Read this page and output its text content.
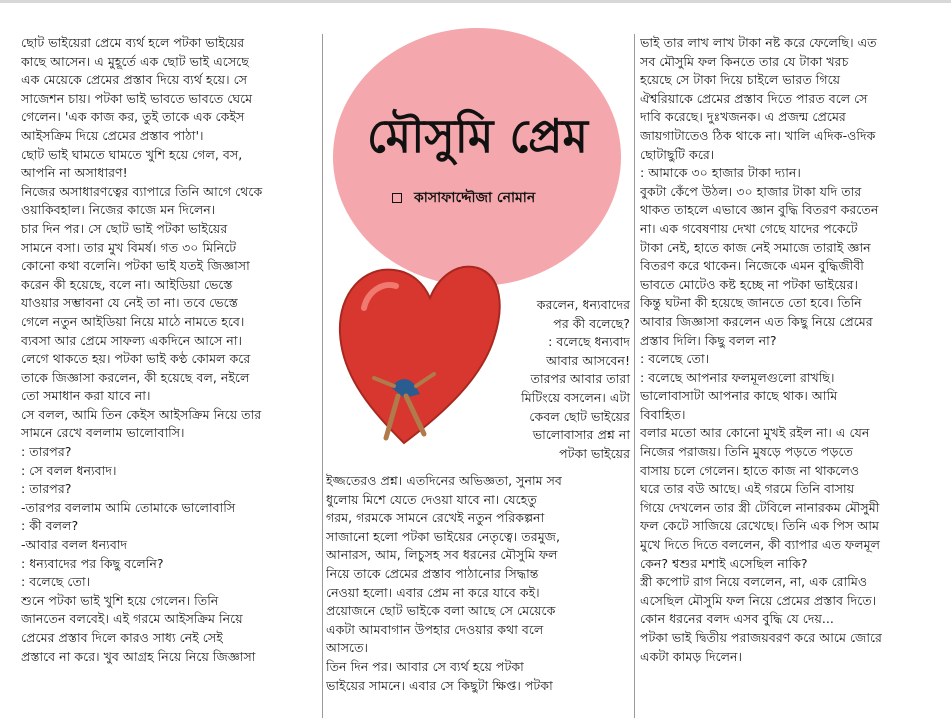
ছোট ভাইয়েরা প্রেমে ব্যর্থ হলে পটকা ভাইয়ের
কাছে আসেন। এ মুহূর্তে এক ছোট ভাই এসেছে
এক মেয়েকে প্রেমের প্রস্তাব দিয়ে ব্যর্থ হয়ে। সে
সাজেশন চায়। পটকা ভাই ভাবতে ভাবতে ঘেমে
গেলেন। 'এক কাজ কর, তুই তাকে এক কেইস
আইসক্রিম দিয়ে প্রেমের প্রস্তাব পাঠা'।
ছোট ভাই ঘামতে ঘামতে খুশি হয়ে গেল, বস,
আপনি না অসাধারণ!
নিজের অসাধারণত্বের ব্যাপারে তিনি আগে থেকে
ওয়াকিবহাল। নিজের কাজে মন দিলেন।
চার দিন পর। সে ছোট ভাই পটকা ভাইয়ের
সামনে বসা। তার মুখ বিমর্ষ। গত ৩০ মিনিটে
কোনো কথা বলেনি। পটকা ভাই যতই জিজ্ঞাসা
করেন কী হয়েছে, বলে না। আইডিয়া ভেস্তে
যাওয়ার সম্ভাবনা যে নেই তা না। তবে ভেস্তে
গেলে নতুন আইডিয়া নিয়ে মাঠে নামতে হবে।
ব্যবসা আর প্রেমে সাফল্য একদিনে আসে না।
লেগে থাকতে হয়। পটকা ভাই কণ্ঠ কোমল করে
তাকে জিজ্ঞাসা করলেন, কী হয়েছে বল, নইলে
তো সমাধান করা যাবে না।
সে বলল, আমি তিন কেইস আইসক্রিম নিয়ে তার
সামনে রেখে বললাম ভালোবাসি।
: তারপর?
: সে বলল ধন্যবাদ।
: তারপর?
-তারপর বললাম আমি তোমাকে ভালোবাসি
: কী বলল?
-আবার বলল ধন্যবাদ
: ধন্যবাদের পর কিছু বলেনি?
: বলেছে তো।
শুনে পটকা ভাই খুশি হয়ে গেলেন। তিনি
জানতেন বলবেই। এই গরমে আইসক্রিম নিয়ে
প্রেমের প্রস্তাব দিলে কারও সাধ্য নেই সেই
প্রস্তাবে না করে। খুব আগ্রহ নিয়ে নিয়ে জিজ্ঞাসা
মৌসুমি প্রেম
কাসাফাদ্দৌজা নোমান
করলেন, ধন্যবাদের
পর কী বলেছে?
: বলেছে ধন্যবাদ
আবার আসবেন!
তারপর আবার তারা
মিটিংয়ে বসলেন। এটা
কেবল ছোট ভাইয়ের
ভালোবাসার প্রশ্ন না
পটকা ভাইয়ের
ইজ্জতেরও প্রশ্ন। এতদিনের অভিজ্ঞতা, সুনাম সব
ধুলোয় মিশে যেতে দেওয়া যাবে না। যেহেতু
গরম, গরমকে সামনে রেখেই নতুন পরিকল্পনা
সাজানো হলো পটকা ভাইয়ের নেতৃত্বে। তরমুজ,
আনারস, আম, লিচুসহ সব ধরনের মৌসুমি ফল
নিয়ে তাকে প্রেমের প্রস্তাব পাঠানোর সিদ্ধান্ত
নেওয়া হলো। এবার প্রেম না করে যাবে কই।
প্রয়োজনে ছোট ভাইকে বলা আছে সে মেয়েকে
একটা আমবাগান উপহার দেওয়ার কথা বলে
আসতে।
তিন দিন পর। আবার সে ব্যর্থ হয়ে পটকা
ভাইয়ের সামনে। এবার সে কিছুটা ক্ষিপ্ত। পটকা
ভাই তার লাখ লাখ টাকা নষ্ট করে ফেলেছি। এত
সব মৌসুমি ফল কিনতে তার যে টাকা খরচ
হয়েছে সে টাকা দিয়ে চাইলে ভারত গিয়ে
ঐশ্বরিয়াকে প্রেমের প্রস্তাব দিতে পারত বলে সে
দাবি করেছে। দুঃখজনক। এ প্রজন্ম প্রেমের
জায়গাটাতেও ঠিক থাকে না। খালি এদিক-ওদিক
ছোটাছুটি করে।
: আমাকে ৩০ হাজার টাকা দ্যান।
বুকটা কেঁপে উঠল। ৩০ হাজার টাকা যদি তার
থাকত তাহলে এভাবে জ্ঞান বুদ্ধি বিতরণ করতেন
না। এক গবেষণায় দেখা গেছে যাদের পকেটে
টাকা নেই, হাতে কাজ নেই সমাজে তারাই জ্ঞান
বিতরণ করে থাকেন। নিজেকে এমন বুদ্ধিজীবী
ভাবতে মোটেও কষ্ট হচ্ছে না পটকা ভাইয়ের।
কিন্তু ঘটনা কী হয়েছে জানতে তো হবে। তিনি
আবার জিজ্ঞাসা করলেন এত কিছু নিয়ে প্রেমের
প্রস্তাব দিলি। কিছু বলল না?
: বলেছে তো।
: বলেছে আপনার ফলমূলগুলো রাখছি।
ভালোবাসাটা আপনার কাছে থাক। আমি
বিবাহিত।
বলার মতো আর কোনো মুখই রইল না। এ যেন
নিজের পরাজয়। তিনি মুষড়ে পড়তে পড়তে
বাসায় চলে গেলেন। হাতে কাজ না থাকলেও
ঘরে তার বউ আছে। এই গরমে তিনি বাসায়
গিয়ে দেখলেন তার স্ত্রী টেবিলে নানারকম মৌসুমী
ফল কেটে সাজিয়ে রেখেছে। তিনি এক পিস আম
মুখে দিতে দিতে বললেন, কী ব্যাপার এত ফলমূল
কেন? শ্বশুর মশাই এসেছিল নাকি?
স্ত্রী কপোট রাগ নিয়ে বললেন, না, এক রোমিও
এসেছিল মৌসুমি ফল নিয়ে প্রেমের প্রস্তাব দিতে।
কোন ধরনের বলদ এসব বুদ্ধি যে দেয়...
পটকা ভাই দ্বিতীয় পরাজয়বরণ করে আমে জোরে
একটা কামড় দিলেন।
